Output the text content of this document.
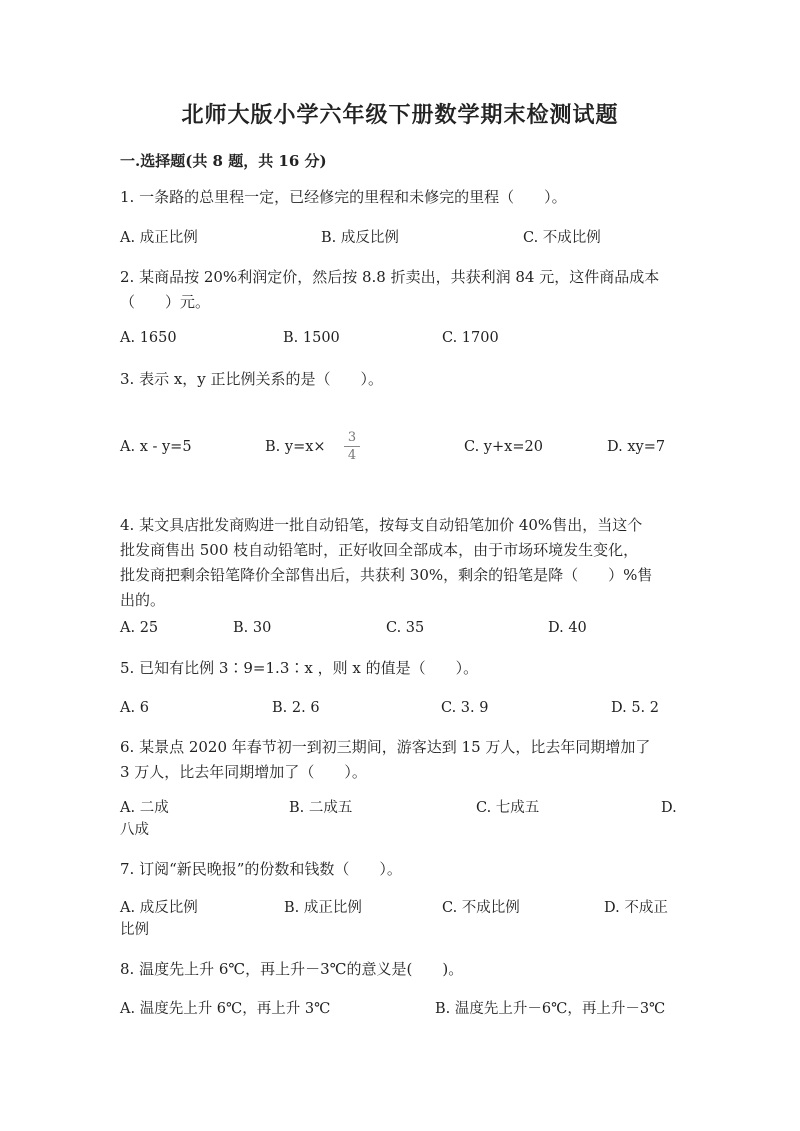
北师大版小学六年级下册数学期末检测试题
一.选择题(共 8 题，共 16 分)
1. 一条路的总里程一定，已经修完的里程和未修完的里程（　　）。
A. 成正比例	B. 成反比例	C. 不成比例
2. 某商品按 20%利润定价，然后按 8.8 折卖出，共获利润 84 元，这件商品成本
（　　）元。
A. 1650	B. 1500	C. 1700
3. 表示 x，y 正比例关系的是（　　）。
A. x - y=5	B. y=x×
3
4
C. y+x=20	D. xy=7
4. 某文具店批发商购进一批自动铅笔，按每支自动铅笔加价 40%售出，当这个
批发商售出 500 枝自动铅笔时，正好收回全部成本，由于市场环境发生变化，
批发商把剩余铅笔降价全部售出后，共获利 30%，剩余的铅笔是降（　　）%售
出的。
A. 25	B. 30	C. 35	D. 40
5. 已知有比例 3∶9=1.3∶x ，则 x 的值是（　　）。
A. 6	B. 2. 6	C. 3. 9	D. 5. 2
6. 某景点 2020 年春节初一到初三期间，游客达到 15 万人，比去年同期增加了
3 万人，比去年同期增加了（　　）。
A. 二成	B. 二成五	C. 七成五	D.
八成
7. 订阅“新民晚报”的份数和钱数（　　）。
A. 成反比例	B. 成正比例	C. 不成比例	D. 不成正
比例
8. 温度先上升 6℃，再上升－3℃的意义是(　　)。
A. 温度先上升 6℃，再上升 3℃	B. 温度先上升－6℃，再上升－3℃
